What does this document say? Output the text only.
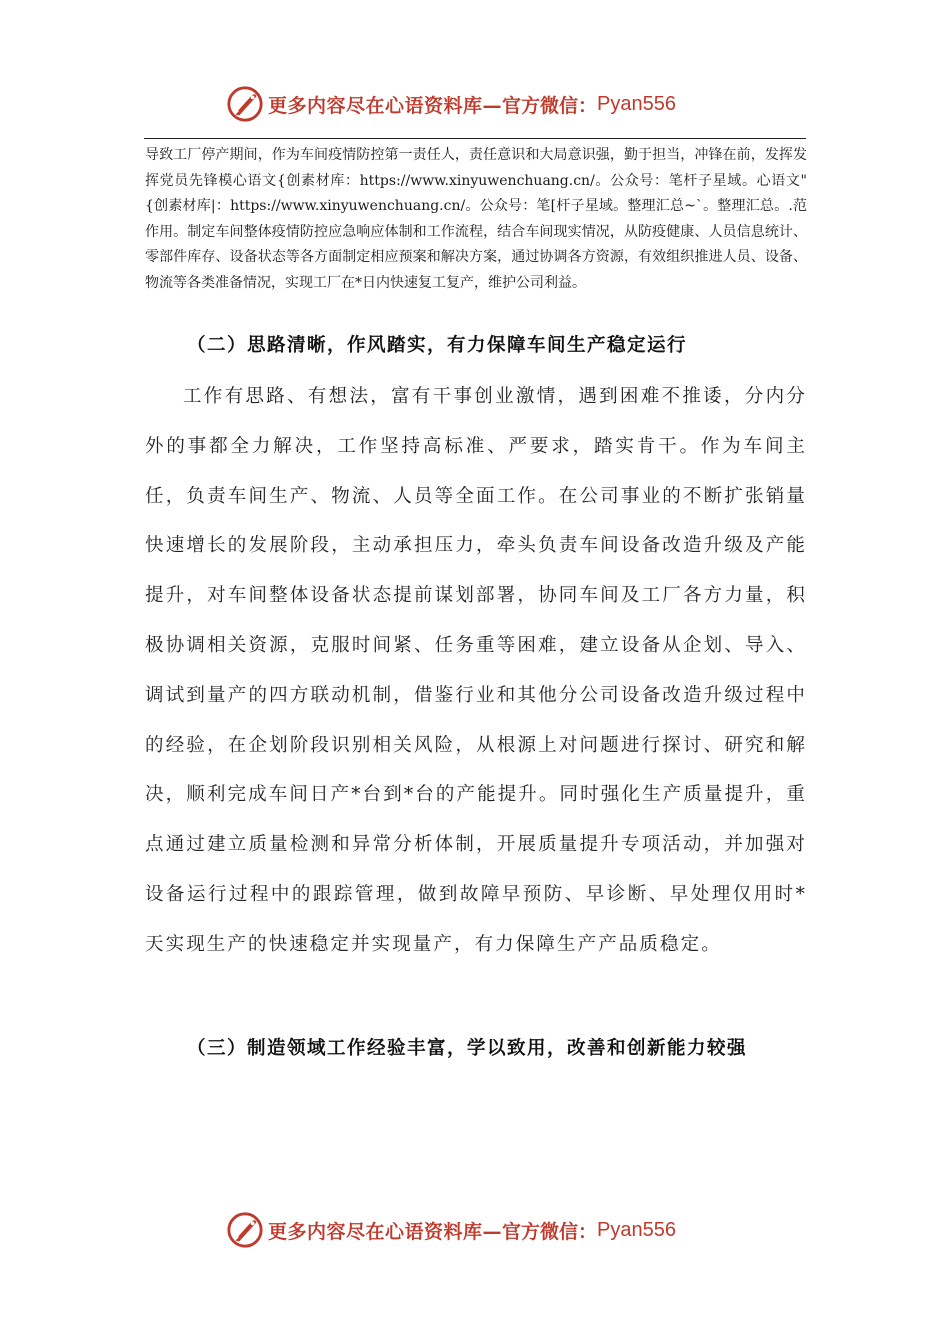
更多内容尽在心语资料库— 官方微信： Pyan556

导致工厂停产期间，作为车间疫情防控第一责任人，责任意识和大局意识强，勤于担当，冲锋在前，发挥发挥党员先锋模心语文{创素材库：https://www.xinyuwenchuang.cn/。公众号：笔杆子星域。心语文"{创素材库|：https://www.xinyuwenchuang.cn/。公众号：笔[杆子星域。整理汇总~`。整理汇总。.范作用。制定车间整体疫情防控应急响应体制和工作流程，结合车间现实情况，从防疫健康、人员信息统计、零部件库存、设备状态等各方面制定相应预案和解决方案，通过协调各方资源，有效组织推进人员、设备、物流等各类准备情况，实现工厂在*日内快速复工复产，维护公司利益。

（二）思路清晰，作风踏实，有力保障车间生产稳定运行

工作有思路、有想法，富有干事创业激情，遇到困难不推诿，分内分外的事都全力解决，工作坚持高标准、严要求，踏实肯干。作为车间主任，负责车间生产、物流、人员等全面工作。在公司事业的不断扩张销量快速增长的发展阶段，主动承担压力，牵头负责车间设备改造升级及产能提升，对车间整体设备状态提前谋划部署，协同车间及工厂各方力量，积极协调相关资源，克服时间紧、任务重等困难，建立设备从企划、导入、调试到量产的四方联动机制，借鉴行业和其他分公司设备改造升级过程中的经验，在企划阶段识别相关风险，从根源上对问题进行探讨、研究和解决，顺利完成车间日产*台到*台的产能提升。同时强化生产质量提升，重点通过建立质量检测和异常分析体制，开展质量提升专项活动，并加强对设备运行过程中的跟踪管理，做到故障早预防、早诊断、早处理仅用时*天实现生产的快速稳定并实现量产，有力保障生产产品质稳定。

（三）制造领域工作经验丰富，学以致用，改善和创新能力较强
更多内容尽在心语资料库— 官方微信： Pyan556
